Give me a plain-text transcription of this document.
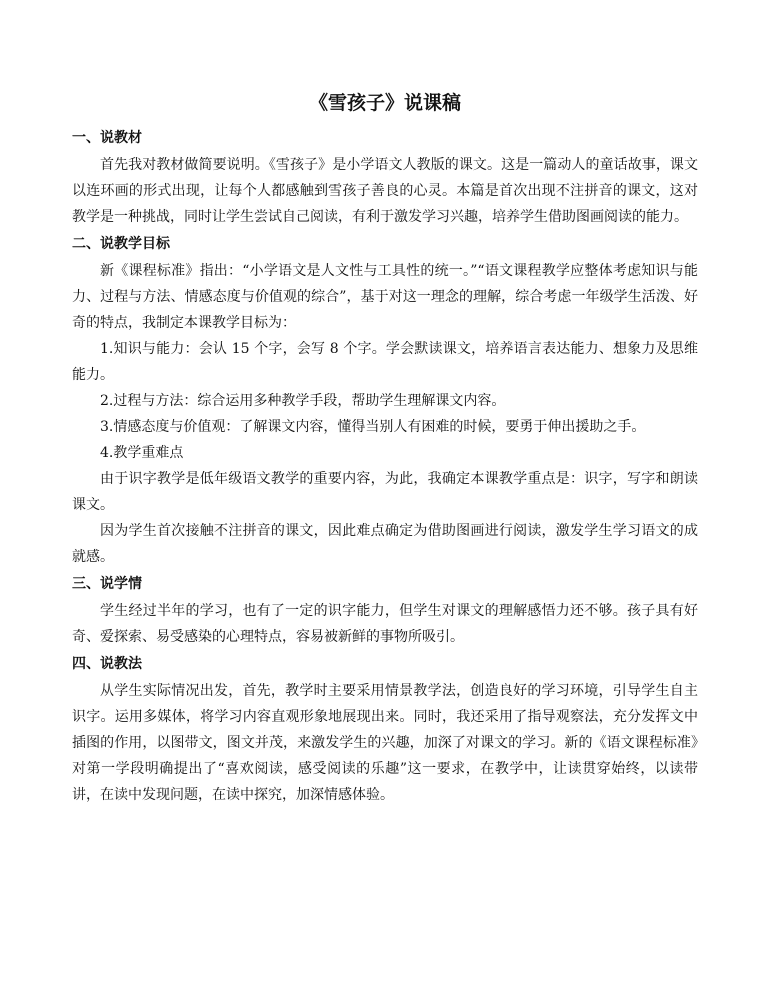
《雪孩子》说课稿
一、说教材

首先我对教材做简要说明。《雪孩子》是小学语文人教版的课文。这是一篇动人的童话故事，课文以连环画的形式出现，让每个人都感触到雪孩子善良的心灵。本篇是首次出现不注拼音的课文，这对教学是一种挑战，同时让学生尝试自己阅读，有利于激发学习兴趣，培养学生借助图画阅读的能力。

二、说教学目标

新《课程标准》指出：“小学语文是人文性与工具性的统一。”“语文课程教学应整体考虑知识与能力、过程与方法、情感态度与价值观的综合”，基于对这一理念的理解，综合考虑一年级学生活泼、好奇的特点，我制定本课教学目标为：

1.知识与能力：会认 15 个字，会写 8 个字。学会默读课文，培养语言表达能力、想象力及思维能力。

2.过程与方法：综合运用多种教学手段，帮助学生理解课文内容。

3.情感态度与价值观：了解课文内容，懂得当别人有困难的时候，要勇于伸出援助之手。

4.教学重难点

由于识字教学是低年级语文教学的重要内容，为此，我确定本课教学重点是：识字，写字和朗读课文。

因为学生首次接触不注拼音的课文，因此难点确定为借助图画进行阅读，激发学生学习语文的成就感。

三、说学情

学生经过半年的学习，也有了一定的识字能力，但学生对课文的理解感悟力还不够。孩子具有好奇、爱探索、易受感染的心理特点，容易被新鲜的事物所吸引。

四、说教法

从学生实际情况出发，首先，教学时主要采用情景教学法，创造良好的学习环境，引导学生自主识字。运用多媒体，将学习内容直观形象地展现出来。同时，我还采用了指导观察法，充分发挥文中插图的作用，以图带文，图文并茂，来激发学生的兴趣，加深了对课文的学习。新的《语文课程标准》对第一学段明确提出了“喜欢阅读，感受阅读的乐趣”这一要求，在教学中，让读贯穿始终，以读带讲，在读中发现问题，在读中探究，加深情感体验。
